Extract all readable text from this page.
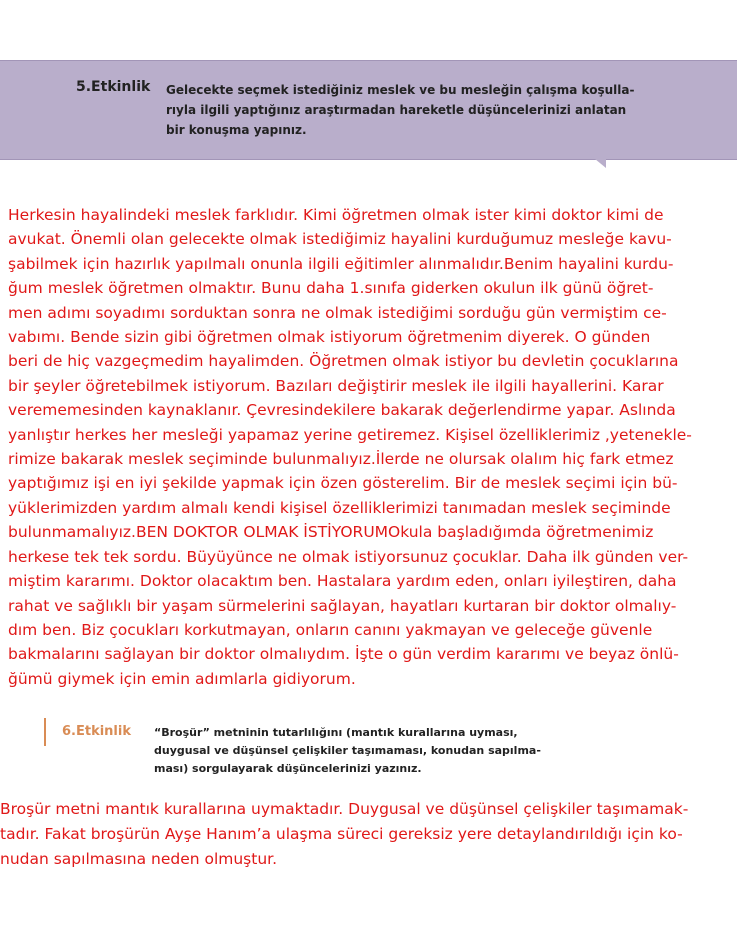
5.Etkinlik Gelecekte seçmek istediğiniz meslek ve bu mesleğin çalışma koşulla-
rıyla ilgili yaptığınız araştırmadan hareketle düşüncelerinizi anlatan
bir konuşma yapınız.
Herkesin hayalindeki meslek farklıdır. Kimi öğretmen olmak ister kimi doktor kimi de
avukat. Önemli olan gelecekte olmak istediğimiz hayalini kurduğumuz mesleğe kavu-
şabilmek için hazırlık yapılmalı onunla ilgili eğitimler alınmalıdır.Benim hayalini kurdu-
ğum meslek öğretmen olmaktır. Bunu daha 1.sınıfa giderken okulun ilk günü öğret-
men adımı soyadımı sorduktan sonra ne olmak istediğimi sorduğu gün vermiştim ce-
vabımı. Bende sizin gibi öğretmen olmak istiyorum öğretmenim diyerek. O günden
beri de hiç vazgeçmedim hayalimden. Öğretmen olmak istiyor bu devletin çocuklarına
bir şeyler öğretebilmek istiyorum. Bazıları değiştirir meslek ile ilgili hayallerini. Karar
verememesinden kaynaklanır. Çevresindekilere bakarak değerlendirme yapar. Aslında
yanlıştır herkes her mesleği yapamaz yerine getiremez. Kişisel özelliklerimiz ,yetenekle-
rimize bakarak meslek seçiminde bulunmalıyız.İlerde ne olursak olalım hiç fark etmez
yaptığımız işi en iyi şekilde yapmak için özen gösterelim. Bir de meslek seçimi için bü-
yüklerimizden yardım almalı kendi kişisel özelliklerimizi tanımadan meslek seçiminde
bulunmamalıyız.BEN DOKTOR OLMAK İSTİYORUMOkula başladığımda öğretmenimiz
herkese tek tek sordu. Büyüyünce ne olmak istiyorsunuz çocuklar. Daha ilk günden ver-
miştim kararımı. Doktor olacaktım ben. Hastalara yardım eden, onları iyileştiren, daha
rahat ve sağlıklı bir yaşam sürmelerini sağlayan, hayatları kurtaran bir doktor olmalıy-
dım ben. Biz çocukları korkutmayan, onların canını yakmayan ve geleceğe güvenle
bakmalarını sağlayan bir doktor olmalıydım. İşte o gün verdim kararımı ve beyaz önlü-
ğümü giymek için emin adımlarla gidiyorum.
6.Etkinlik “Broşür” metninin tutarlılığını (mantık kurallarına uyması,
duygusal ve düşünsel çelişkiler taşımaması, konudan sapılma-
ması) sorgulayarak düşüncelerinizi yazınız.
Broşür metni mantık kurallarına uymaktadır. Duygusal ve düşünsel çelişkiler taşımamak-
tadır. Fakat broşürün Ayşe Hanım’a ulaşma süreci gereksiz yere detaylandırıldığı için ko-
nudan sapılmasına neden olmuştur.
